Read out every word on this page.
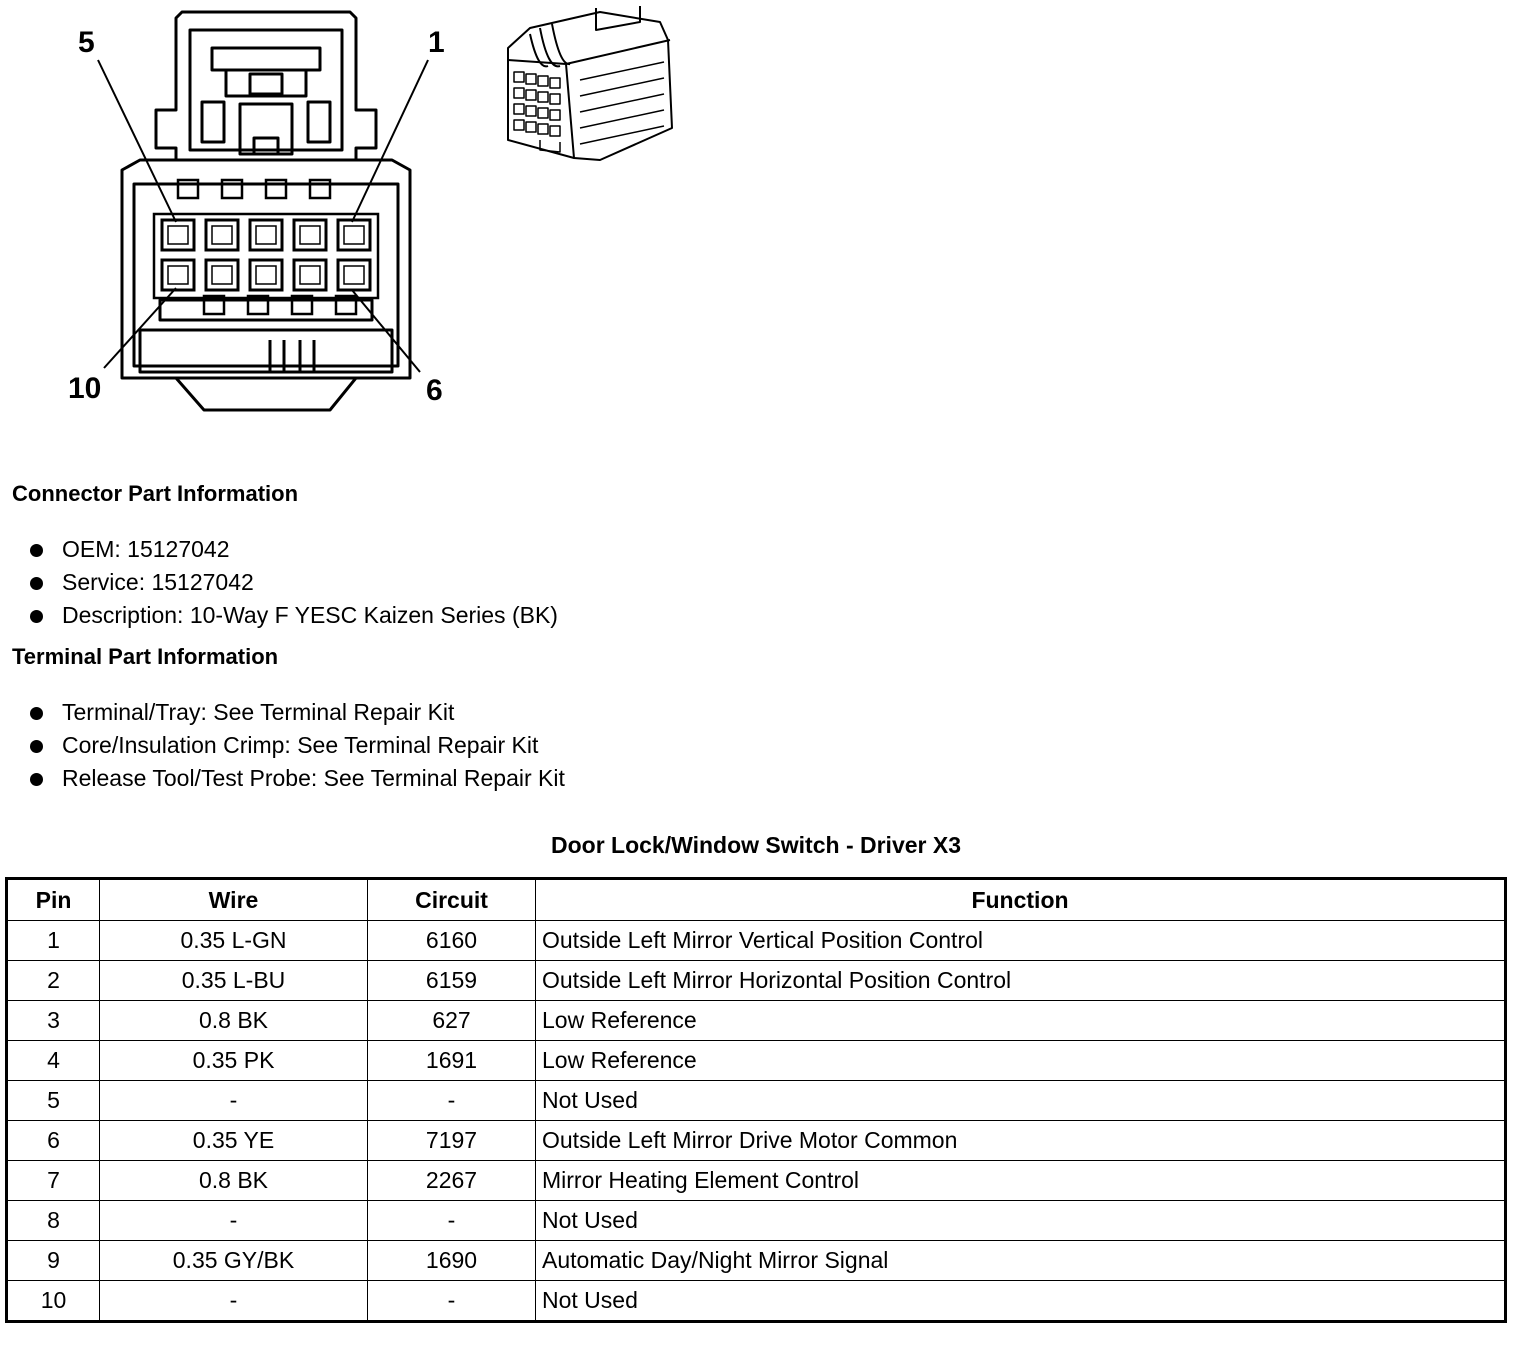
5	1
10	6
Connector Part Information
OEM: 15127042
Service: 15127042
Description: 10-Way F YESC Kaizen Series (BK)
Terminal Part Information
Terminal/Tray: See Terminal Repair Kit
Core/Insulation Crimp: See Terminal Repair Kit
Release Tool/Test Probe: See Terminal Repair Kit
Door Lock/Window Switch - Driver X3
Pin	Wire	Circuit	Function
1	0.35 L-GN	6160	Outside Left Mirror Vertical Position Control
2	0.35 L-BU	6159	Outside Left Mirror Horizontal Position Control
3	0.8 BK	627	Low Reference
4	0.35 PK	1691	Low Reference
5	-	-	Not Used
6	0.35 YE	7197	Outside Left Mirror Drive Motor Common
7	0.8 BK	2267	Mirror Heating Element Control
8	-	-	Not Used
9	0.35 GY/BK	1690	Automatic Day/Night Mirror Signal
10	-	-	Not Used
